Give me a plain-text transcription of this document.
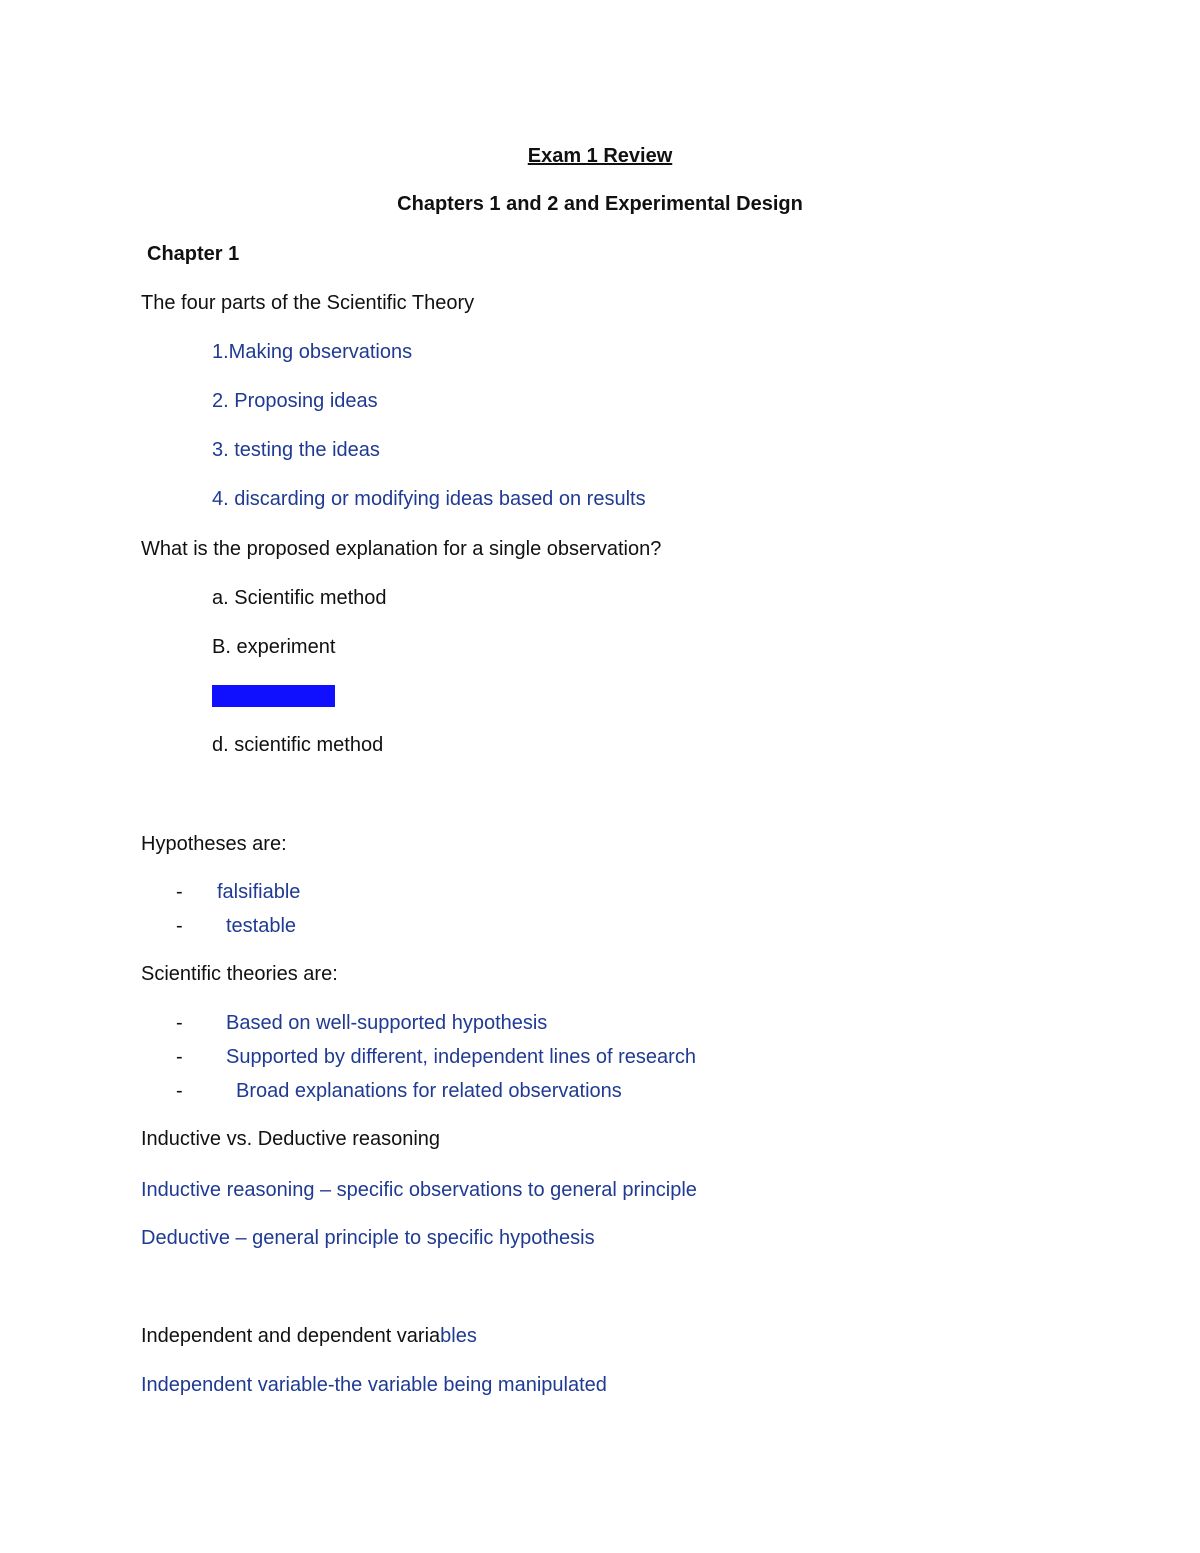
Exam 1 Review
Chapters 1 and 2 and Experimental Design
Chapter 1
The four parts of the Scientific Theory
1.Making observations
2. Proposing ideas
3. testing the ideas
4. discarding or modifying ideas based on results
What is the proposed explanation for a single observation?
a. Scientific method
B. experiment
C. hypothesis
d. scientific method
Hypotheses are:
- falsifiable
- testable
Scientific theories are:
- Based on well-supported hypothesis
- Supported by different, independent lines of research
-	Broad explanations for related observations
Inductive vs. Deductive reasoning
Inductive reasoning – specific observations to general principle
Deductive – general principle to specific hypothesis
Independent and dependent variables
Independent variable-the variable being manipulated
